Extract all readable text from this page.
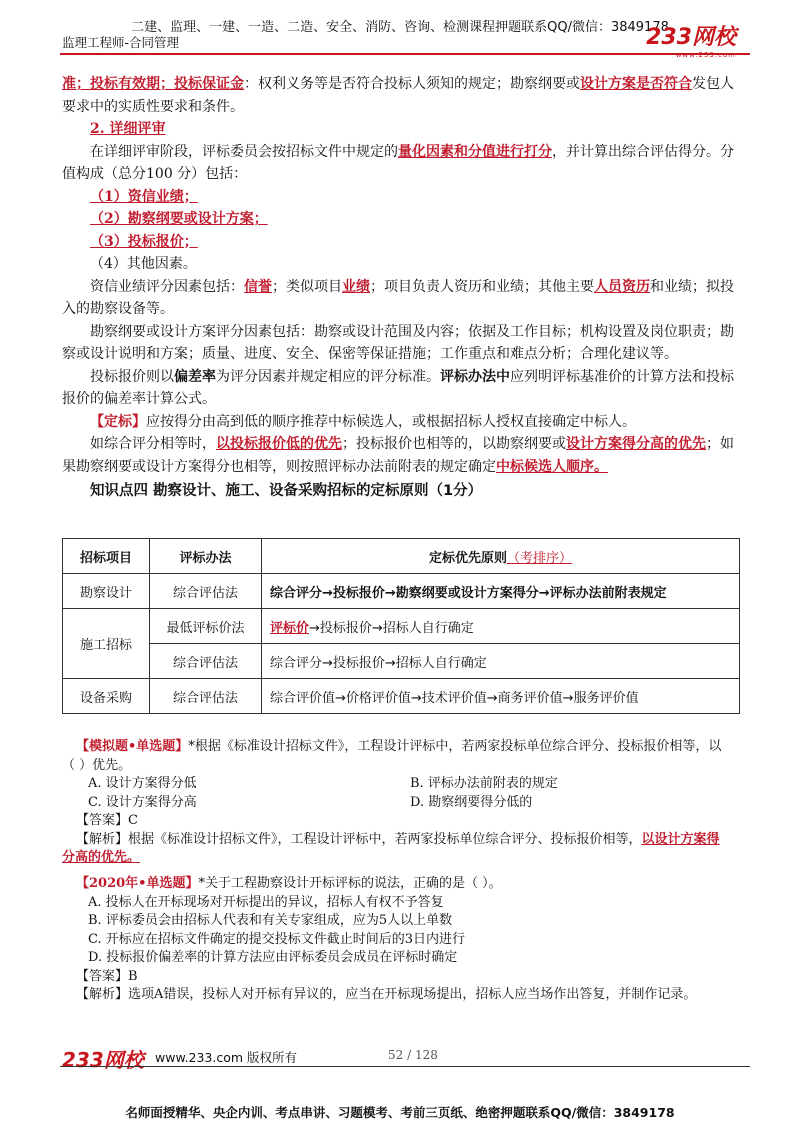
二建、监理、一建、一造、二造、安全、消防、咨询、检测课程押题联系QQ/微信：3849178
监理工程师-合同管理	233网校
www.233.com

准；投标有效期；投标保证金：权利义务等是否符合投标人须知的规定；勘察纲要或设计方案是否符合发包人要求中的实质性要求和条件。

2. 详细评审

在详细评审阶段，评标委员会按招标文件中规定的量化因素和分值进行打分，并计算出综合评估得分。分值构成（总分100 分）包括：

（1）资信业绩；

（2）勘察纲要或设计方案；

（3）投标报价；

（4）其他因素。

资信业绩评分因素包括：信誉；类似项目业绩；项目负责人资历和业绩；其他主要人员资历和业绩；拟投入的勘察设备等。

勘察纲要或设计方案评分因素包括：勘察或设计范围及内容；依据及工作目标；机构设置及岗位职责；勘察或设计说明和方案；质量、进度、安全、保密等保证措施；工作重点和难点分析；合理化建议等。

投标报价则以偏差率为评分因素并规定相应的评分标准。评标办法中应列明评标基准价的计算方法和投标报价的偏差率计算公式。

【定标】应按得分由高到低的顺序推荐中标候选人，或根据招标人授权直接确定中标人。

如综合评分相等时，以投标报价低的优先；投标报价也相等的，以勘察纲要或设计方案得分高的优先；如果勘察纲要或设计方案得分也相等，则按照评标办法前附表的规定确定中标候选人顺序。

知识点四 勘察设计、施工、设备采购招标的定标原则（1分）

招标项目	评标办法	定标优先原则（考排序）
勘察设计	综合评估法	综合评分→投标报价→勘察纲要或设计方案得分→评标办法前附表规定
施工招标	最低评标价法	评标价→投标报价→招标人自行确定
	综合评估法	综合评分→投标报价→招标人自行确定
设备采购	综合评估法	综合评价值→价格评价值→技术评价值→商务评价值→服务评价值

【模拟题•单选题】*根据《标准设计招标文件》，工程设计评标中，若两家投标单位综合评分、投标报价相等，以（ ）优先。

A. 设计方案得分低	B. 评标办法前附表的规定
C. 设计方案得分高	D. 勘察纲要得分低的

【答案】C

【解析】根据《标准设计招标文件》，工程设计评标中，若两家投标单位综合评分、投标报价相等，以设计方案得分高的优先。

【2020年•单选题】*关于工程勘察设计开标评标的说法，正确的是（ ）。

A. 投标人在开标现场对开标提出的异议，招标人有权不予答复

B. 评标委员会由招标人代表和有关专家组成，应为5人以上单数

C. 开标应在招标文件确定的提交投标文件截止时间后的3日内进行

D. 投标报价偏差率的计算方法应由评标委员会成员在评标时确定

【答案】B

【解析】选项A错误，投标人对开标有异议的，应当在开标现场提出，招标人应当场作出答复，并制作记录。

233网校 www.233.com 版权所有	52 / 128
名师面授精华、央企内训、考点串讲、习题模考、考前三页纸、绝密押题联系QQ/微信：3849178
